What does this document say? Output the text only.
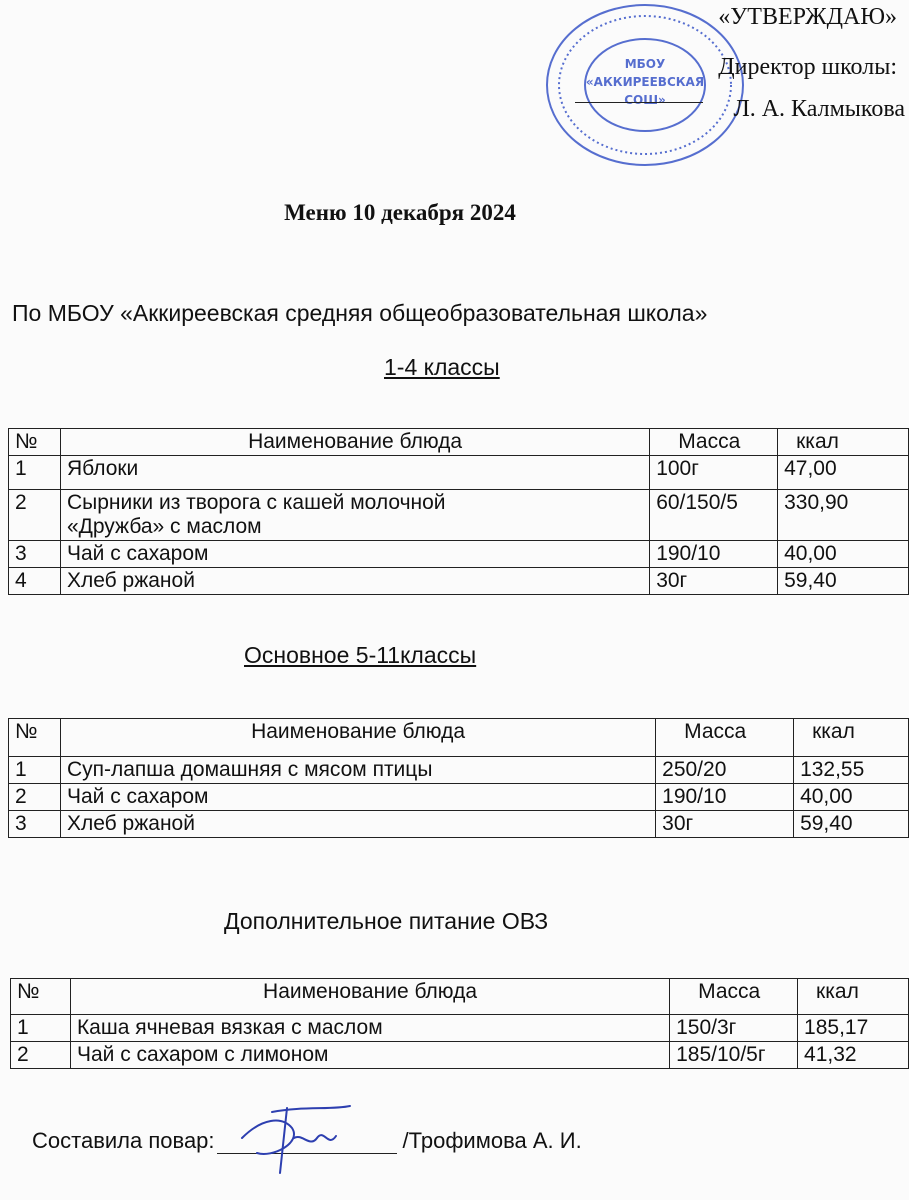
МБОУ
«АККИРЕЕВСКАЯ
СОШ»
«УТВЕРЖДАЮ»
Директор школы:
Л. А. Калмыкова
Меню 10 декабря 2024
По МБОУ «Аккиреевская средняя общеобразовательная школа»
1-4 классы
№	Наименование блюда	Масса	ккал
1	Яблоки	100г	47,00
2	Сырники из творога с кашей молочной «Дружба» с маслом	60/150/5	330,90
3	Чай с сахаром	190/10	40,00
4	Хлеб ржаной	30г	59,40
Основное 5-11классы
№	Наименование блюда	Масса	ккал
1	Суп-лапша домашняя с мясом птицы	250/20	132,55
2	Чай с сахаром	190/10	40,00
3	Хлеб ржаной	30г	59,40
Дополнительное питание ОВЗ
№	Наименование блюда	Масса	ккал
1	Каша ячневая вязкая с маслом	150/3г	185,17
2	Чай с сахаром с лимоном	185/10/5г	41,32
Составила повар:	/Трофимова А. И.
